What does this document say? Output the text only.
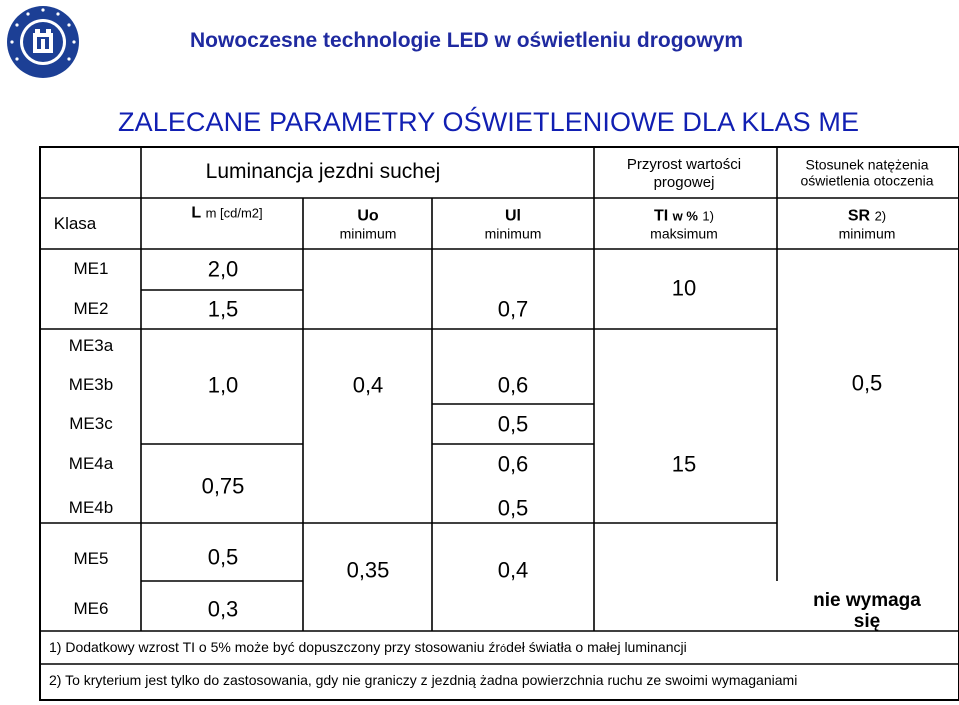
Nowoczesne technologie LED w oświetleniu drogowym
ZALECANE PARAMETRY OŚWIETLENIOWE DLA KLAS ME
Luminancja jezdni suchej	Przyrost wartości
progowej
Stosunek natężenia
oświetlenia otoczenia
Klasa
L m [cd/m2]	Uo
minimum
Ul
minimum
TI w % 1)
maksimum
SR 2)
minimum
ME1
ME2
ME3a
ME3b
ME3c
ME4a
ME4b
ME5
ME6
2,0
1,5
1,0
0,75
0,5
0,3
0,4
0,35
0,7
0,6
0,5
0,6
0,5
0,4
10
15
0,5
nie wymaga
się
1) Dodatkowy wzrost TI o 5% może być dopuszczony przy stosowaniu źródeł światła o małej luminancji
2) To kryterium jest tylko do zastosowania, gdy nie graniczy z jezdnią żadna powierzchnia ruchu ze swoimi wymaganiami
